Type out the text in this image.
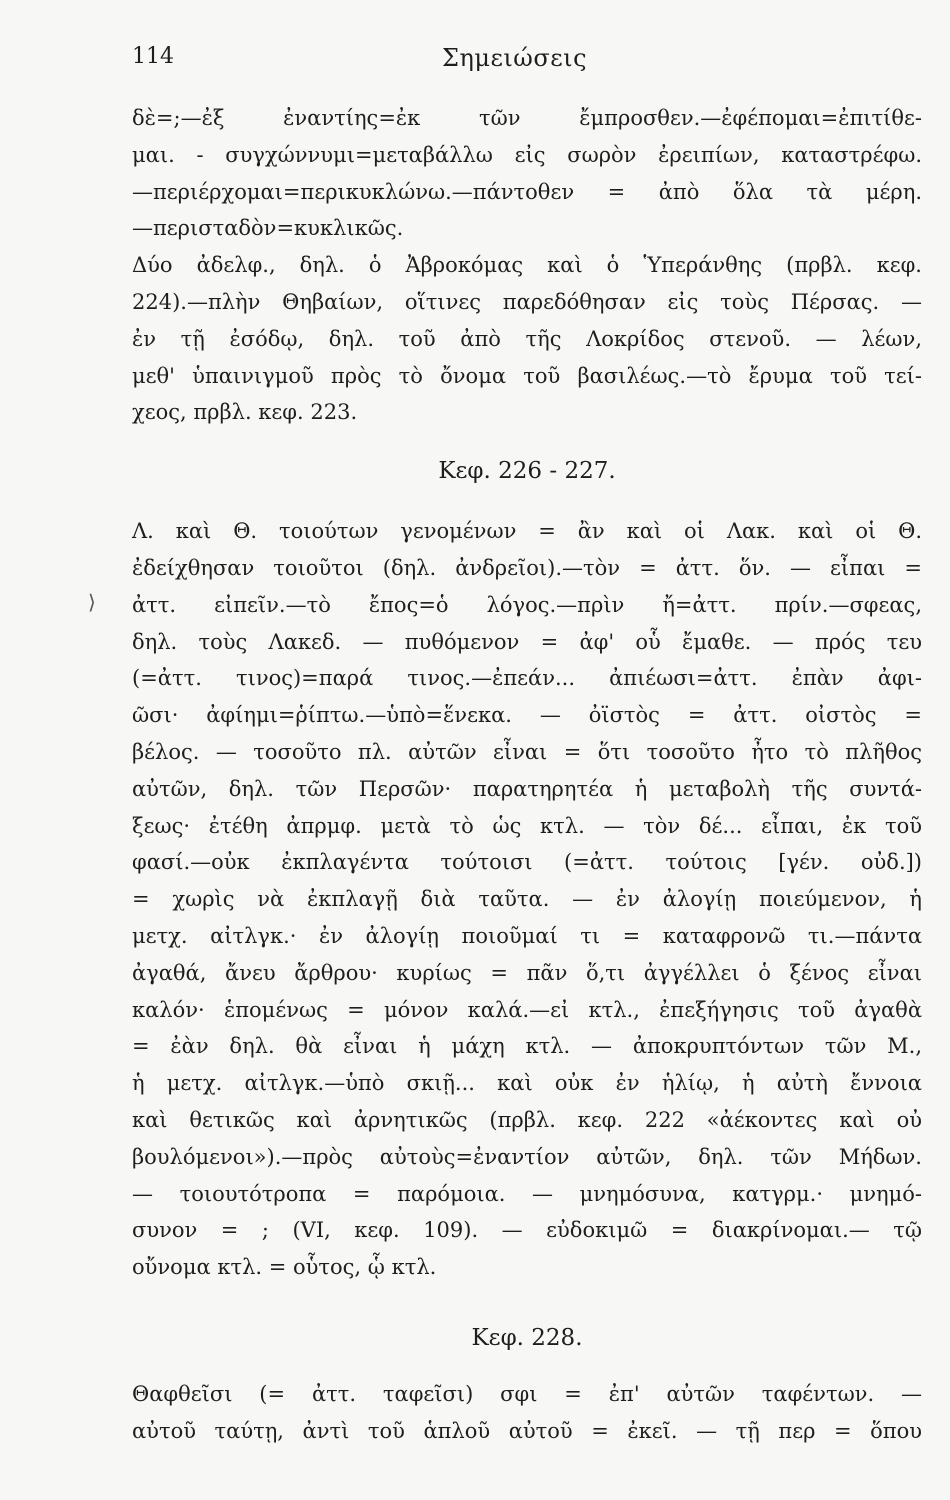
114	Σημειώσεις
δὲ=;—ἐξ ἐναντίης=ἐκ τῶν ἔμπροσθεν.—ἐφέπομαι=ἐπιτίθε-
μαι. - συγχώννυμι=μεταβάλλω εἰς σωρὸν ἐρειπίων, καταστρέφω.
—περιέρχομαι=περικυκλώνω.—πάντοθεν = ἀπὸ ὅλα τὰ μέρη.
—περισταδὸν=κυκλικῶς.
Δύο ἀδελφ., δηλ. ὁ Ἀβροκόμας καὶ ὁ Ὑπεράνθης (πρβλ. κεφ.
224).—πλὴν Θηβαίων, οἵτινες παρεδόθησαν εἰς τοὺς Πέρσας. —
ἐν τῇ ἐσόδῳ, δηλ. τοῦ ἀπὸ τῆς Λοκρίδος στενοῦ. — λέων,
μεθ' ὑπαινιγμοῦ πρὸς τὸ ὄνομα τοῦ βασιλέως.—τὸ ἔρυμα τοῦ τεί-
χεος, πρβλ. κεφ. 223.
Κεφ. 226 - 227.
Λ. καὶ Θ. τοιούτων γενομένων = ἂν καὶ οἱ Λακ. καὶ οἱ Θ.
ἐδείχθησαν τοιοῦτοι (δηλ. ἀνδρεῖοι).—τὸν = ἀττ. ὅν. — εἶπαι =
ἀττ. εἰπεῖν.—τὸ ἔπος=ὁ λόγος.—πρὶν ἤ=ἀττ. πρίν.—σφεας,
δηλ. τοὺς Λακεδ. — πυθόμενον = ἀφ' οὗ ἔμαθε. — πρός τευ
(=ἀττ. τινος)=παρά τινος.—ἐπεάν... ἀπιέωσι=ἀττ. ἐπὰν ἀφι-
ῶσι· ἀφίημι=ῥίπτω.—ὑπὸ=ἕνεκα. — ὀϊστὸς = ἀττ. οἰστὸς =
βέλος. — τοσοῦτο πλ. αὐτῶν εἶναι = ὅτι τοσοῦτο ἦτο τὸ πλῆθος
αὐτῶν, δηλ. τῶν Περσῶν· παρατηρητέα ἡ μεταβολὴ τῆς συντά-
ξεως· ἐτέθη ἀπρμφ. μετὰ τὸ ὡς κτλ. — τὸν δέ... εἶπαι, ἐκ τοῦ
φασί.—οὐκ ἐκπλαγέντα τούτοισι (=ἀττ. τούτοις [γέν. οὐδ.])
= χωρὶς νὰ ἐκπλαγῇ διὰ ταῦτα. — ἐν ἀλογίῃ ποιεύμενον, ἡ
μετχ. αἰτλγκ.· ἐν ἀλογίῃ ποιοῦμαί τι = καταφρονῶ τι.—πάντα
ἀγαθά, ἄνευ ἄρθρου· κυρίως = πᾶν ὅ,τι ἀγγέλλει ὁ ξένος εἶναι
καλόν· ἑπομένως = μόνον καλά.—εἰ κτλ., ἐπεξήγησις τοῦ ἀγαθὰ
= ἐὰν δηλ. θὰ εἶναι ἡ μάχη κτλ. — ἀποκρυπτόντων τῶν Μ.,
ἡ μετχ. αἰτλγκ.—ὑπὸ σκιῇ... καὶ οὐκ ἐν ἡλίῳ, ἡ αὐτὴ ἔννοια
καὶ θετικῶς καὶ ἀρνητικῶς (πρβλ. κεφ. 222 «ἀέκοντες καὶ οὐ
βουλόμενοι»).—πρὸς αὐτοὺς=ἐναντίον αὐτῶν, δηλ. τῶν Μήδων.
— τοιουτότροπα = παρόμοια. — μνημόσυνα, κατγρμ.· μνημό-
συνον = ; (VI, κεφ. 109). — εὐδοκιμῶ = διακρίνομαι.— τῷ
οὔνομα κτλ. = οὗτος, ᾧ κτλ.
Κεφ. 228.
Θαφθεῖσι (= ἀττ. ταφεῖσι) σφι = ἐπ' αὐτῶν ταφέντων. —
αὐτοῦ ταύτῃ, ἀντὶ τοῦ ἁπλοῦ αὐτοῦ = ἐκεῖ. — τῇ περ = ὅπου
⟩
